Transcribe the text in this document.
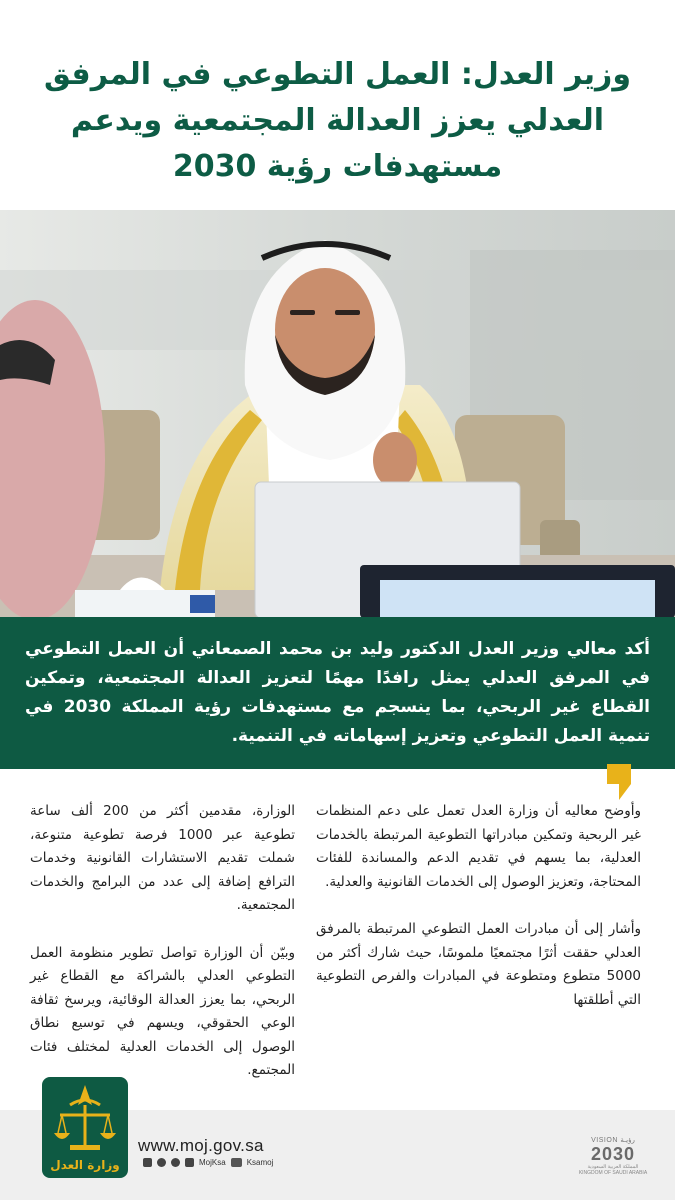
وزير العدل: العمل التطوعي في المرفق
العدلي يعزز العدالة المجتمعية ويدعم
مستهدفات رؤية 2030

أكد معالي وزير العدل الدكتور وليد بن محمد الصمعاني أن العمل التطوعي في المرفق العدلي يمثل رافدًا مهمًا لتعزيز العدالة المجتمعية، وتمكين القطاع غير الربحي، بما ينسجم مع مستهدفات رؤية المملكة 2030 في تنمية العمل التطوعي وتعزيز إسهاماته في التنمية.

وأوضح معاليه أن وزارة العدل تعمل على دعم المنظمات غير الربحية وتمكين مبادراتها التطوعية المرتبطة بالخدمات العدلية، بما يسهم في تقديم الدعم والمساندة للفئات المحتاجة، وتعزيز الوصول إلى الخدمات القانونية والعدلية.

وأشار إلى أن مبادرات العمل التطوعي المرتبطة بالمرفق العدلي حققت أثرًا مجتمعيًا ملموسًا، حيث شارك أكثر من 5000 متطوع ومتطوعة في المبادرات والفرص التطوعية التي أطلقتها

الوزارة، مقدمين أكثر من 200 ألف ساعة تطوعية عبر 1000 فرصة تطوعية متنوعة، شملت تقديم الاستشارات القانونية وخدمات الترافع إضافة إلى عدد من البرامج والخدمات المجتمعية.

وبيّن أن الوزارة تواصل تطوير منظومة العمل التطوعي العدلي بالشراكة مع القطاع غير الربحي، بما يعزز العدالة الوقائية، ويرسخ ثقافة الوعي الحقوقي، ويسهم في توسيع نطاق الوصول إلى الخدمات العدلية لمختلف فئات المجتمع.

وزارة العدل
www.moj.gov.sa
MojKsa	Ksamoj
VISION رؤيـة
2030
المملكة العربية السعودية KINGDOM OF SAUDI ARABIA
